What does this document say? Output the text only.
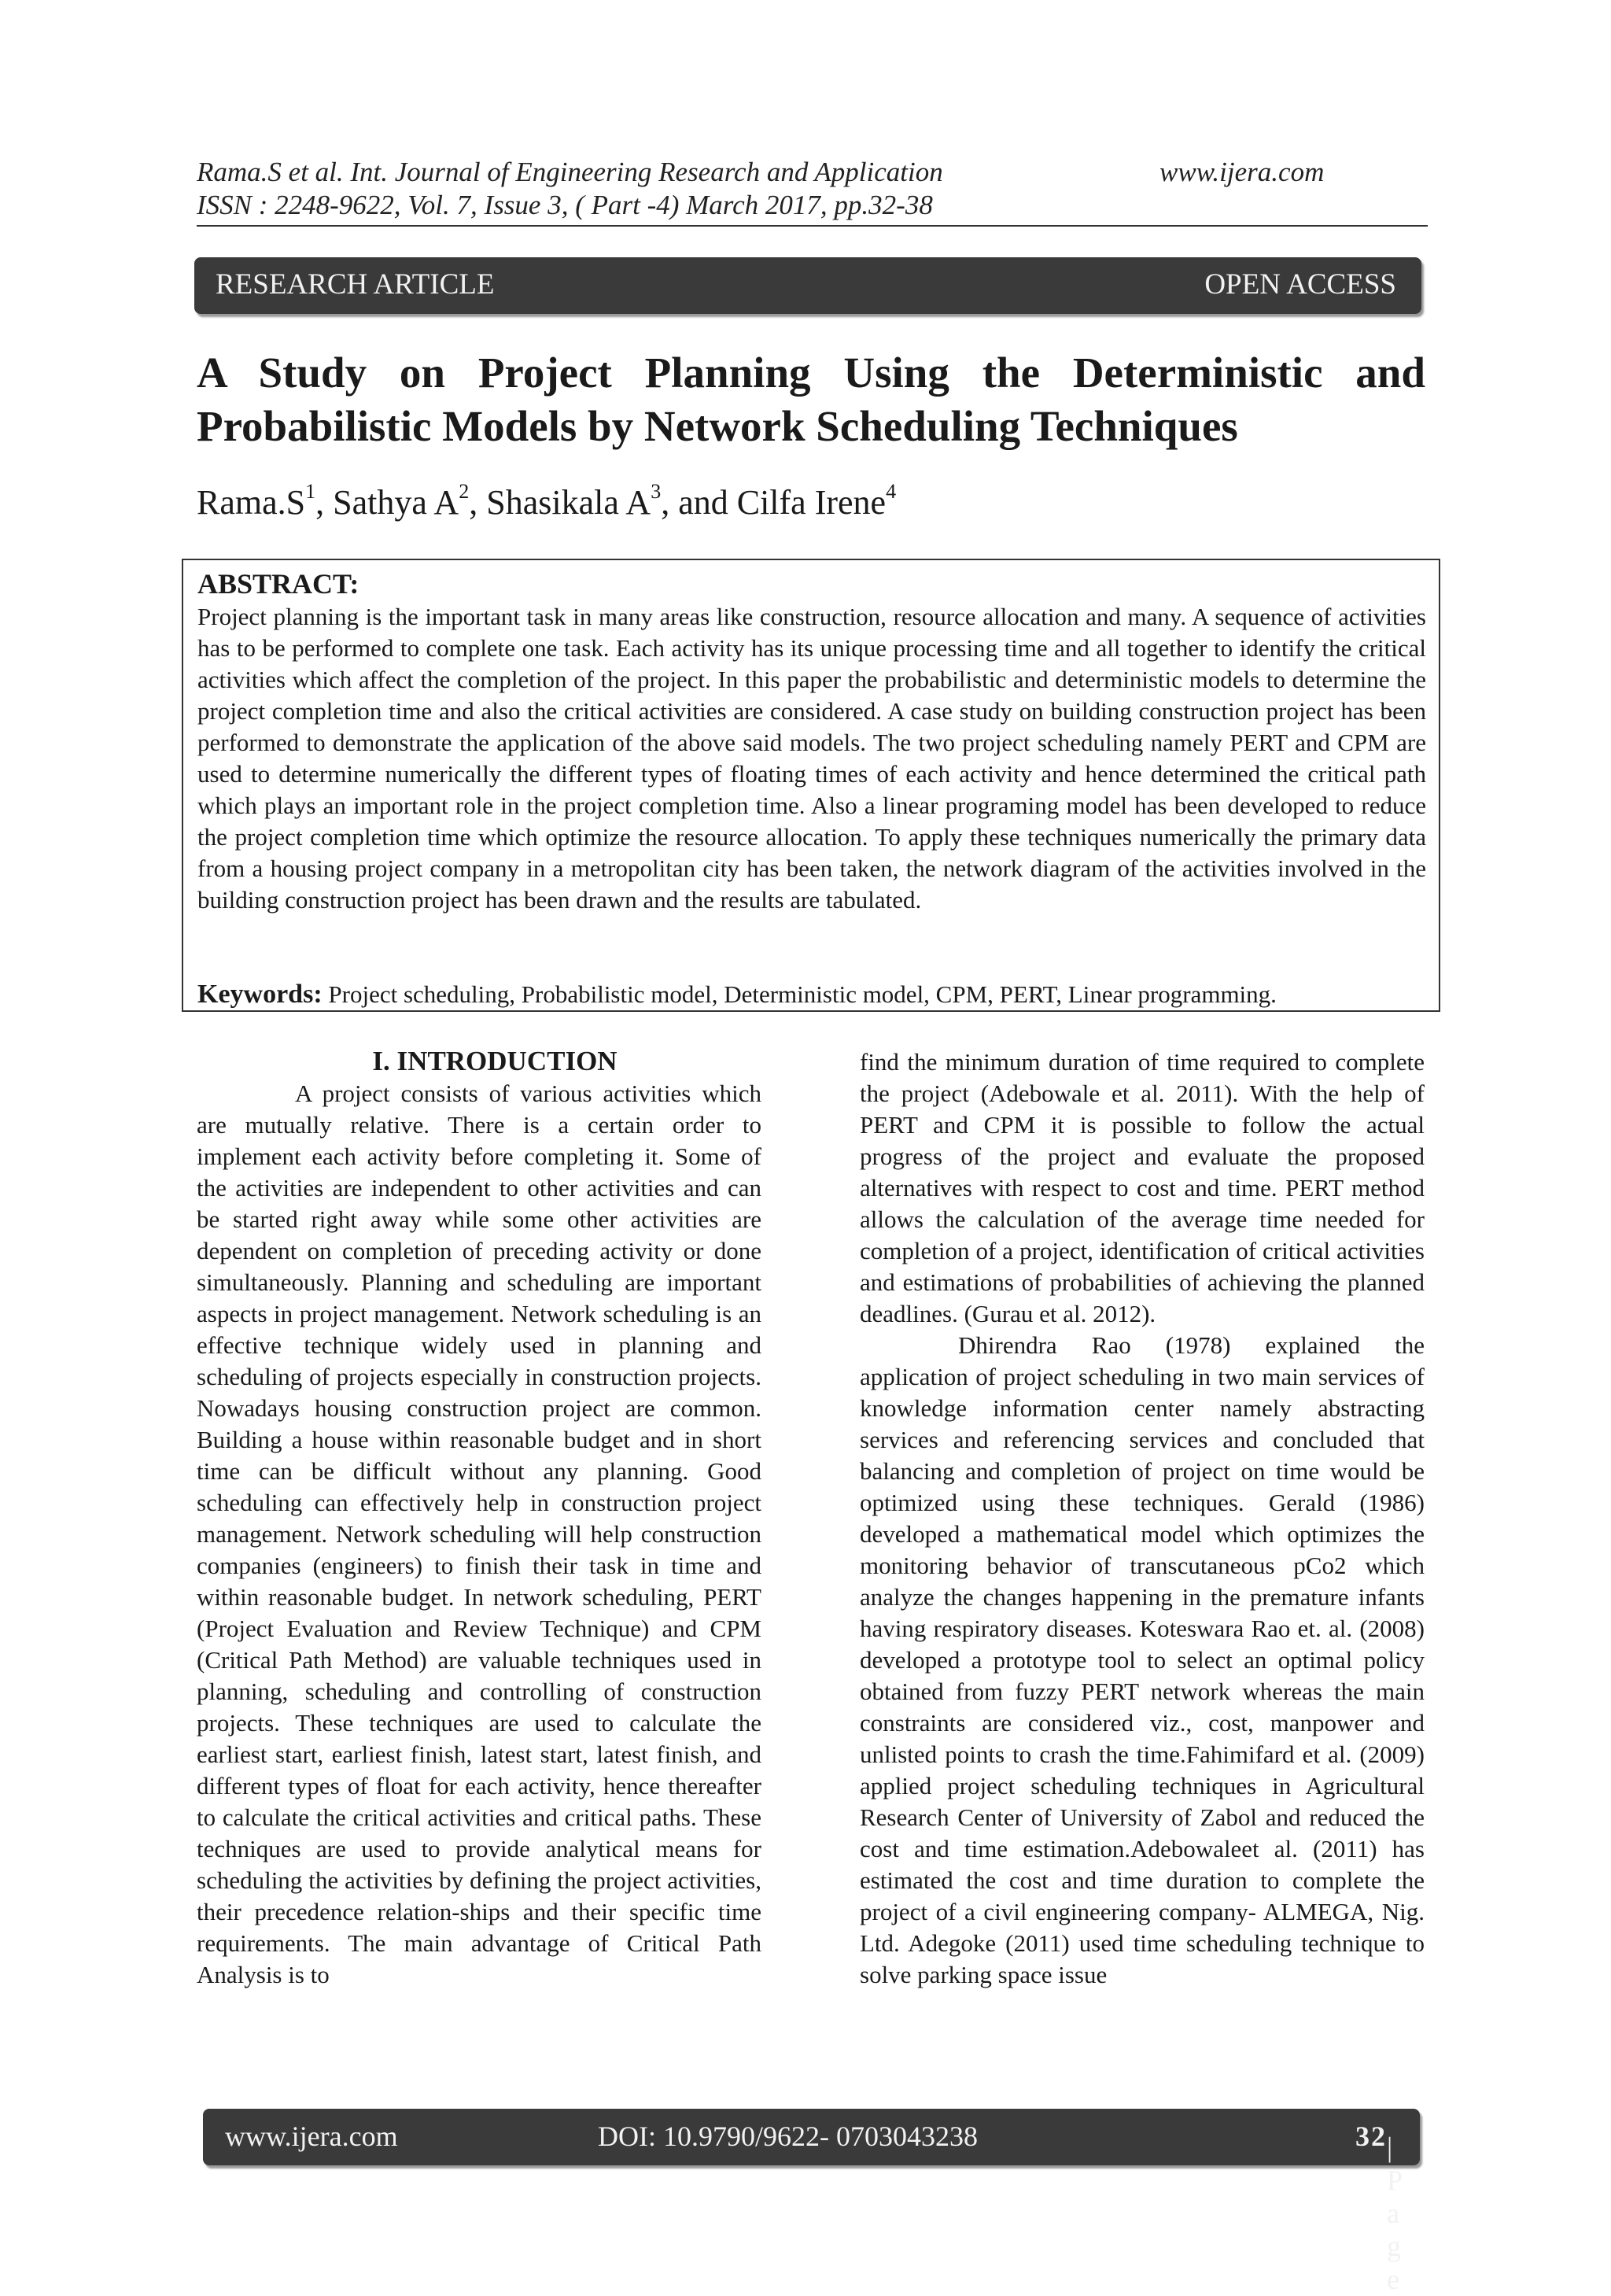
Rama.S et al. Int. Journal of Engineering Research and Application	www.ijera.com
ISSN : 2248-9622, Vol. 7, Issue 3, ( Part -4) March 2017, pp.32-38
RESEARCH ARTICLE	OPEN ACCESS
A Study on Project Planning Using the Deterministic and
Probabilistic Models by Network Scheduling Techniques
$Rama.S^1$, Sathya $A^2$, Shasikala $A^3$, and Cilfa Irene$^4$
ABSTRACT:
Project planning is the important task in many areas like construction, resource allocation and many. A sequence of activities has to be performed to complete one task. Each activity has its unique processing time and all together to identify the critical activities which affect the completion of the project. In this paper the probabilistic and deterministic models to determine the project completion time and also the critical activities are considered. A case study on building construction project has been performed to demonstrate the application of the above said models. The two project scheduling namely PERT and CPM are used to determine numerically the different types of floating times of each activity and hence determined the critical path which plays an important role in the project completion time. Also a linear programing model has been developed to reduce the project completion time which optimize the resource allocation. To apply these techniques numerically the primary data from a housing project company in a metropolitan city has been taken, the network diagram of the activities involved in the building construction project has been drawn and the results are tabulated.
Keywords: Project scheduling, Probabilistic model, Deterministic model, CPM, PERT, Linear programming.
I. INTRODUCTION

A project consists of various activities which are mutually relative. There is a certain order to implement each activity before completing it. Some of the activities are independent to other activities and can be started right away while some other activities are dependent on completion of preceding activity or done simultaneously. Planning and scheduling are important aspects in project management. Network scheduling is an effective technique widely used in planning and scheduling of projects especially in construction projects. Nowadays housing construction project are common. Building a house within reasonable budget and in short time can be difficult without any planning. Good scheduling can effectively help in construction project management. Network scheduling will help construction companies (engineers) to finish their task in time and within reasonable budget. In network scheduling, PERT (Project Evaluation and Review Technique) and CPM (Critical Path Method) are valuable techniques used in planning, scheduling and controlling of construction projects. These techniques are used to calculate the earliest start, earliest finish, latest start, latest finish, and different types of float for each activity, hence thereafter to calculate the critical activities and critical paths. These techniques are used to provide analytical means for scheduling the activities by defining the project activities, their precedence relation-ships and their specific time requirements. The main advantage of Critical Path Analysis is to

find the minimum duration of time required to complete the project (Adebowale et al. 2011). With the help of PERT and CPM it is possible to follow the actual progress of the project and evaluate the proposed alternatives with respect to cost and time. PERT method allows the calculation of the average time needed for completion of a project, identification of critical activities and estimations of probabilities of achieving the planned deadlines. (Gurau et al. 2012).

Dhirendra Rao (1978) explained the application of project scheduling in two main services of knowledge information center namely abstracting services and referencing services and concluded that balancing and completion of project on time would be optimized using these techniques. Gerald (1986) developed a mathematical model which optimizes the monitoring behavior of transcutaneous pCo2 which analyze the changes happening in the premature infants having respiratory diseases. Koteswara Rao et. al. (2008) developed a prototype tool to select an optimal policy obtained from fuzzy PERT network whereas the main constraints are considered viz., cost, manpower and unlisted points to crash the time.Fahimifard et al. (2009) applied project scheduling techniques in Agricultural Research Center of University of Zabol and reduced the cost and time estimation.Adebowaleet al. (2011) has estimated the cost and time duration to complete the project of a civil engineering company- ALMEGA, Nig. Ltd. Adegoke (2011) used time scheduling technique to solve parking space issue

www.ijera.com	DOI: 10.9790/9622- 0703043238	32 | P a g e
